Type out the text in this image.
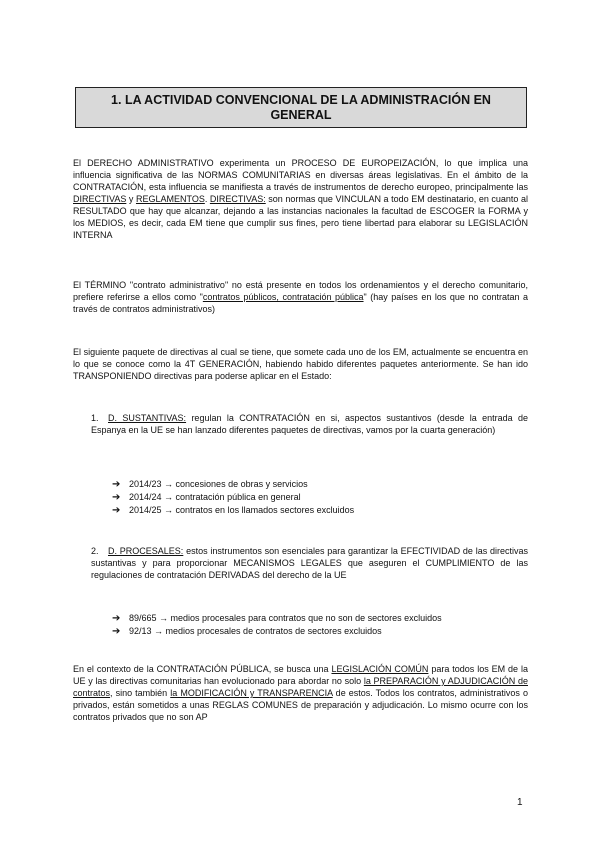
1. LA ACTIVIDAD CONVENCIONAL DE LA ADMINISTRACIÓN EN
GENERAL

El DERECHO ADMINISTRATIVO experimenta un PROCESO DE EUROPEIZACIÓN, lo que implica una influencia significativa de las NORMAS COMUNITARIAS en diversas áreas legislativas. En el ámbito de la CONTRATACIÓN, esta influencia se manifiesta a través de instrumentos de derecho europeo, principalmente las DIRECTIVAS y REGLAMENTOS. DIRECTIVAS: son normas que VINCULAN a todo EM destinatario, en cuanto al RESULTADO que hay que alcanzar, dejando a las instancias nacionales la facultad de ESCOGER la FORMA y los MEDIOS, es decir, cada EM tiene que cumplir sus fines, pero tiene libertad para elaborar su LEGISLACIÓN INTERNA

El TÉRMINO "contrato administrativo" no está presente en todos los ordenamientos y el derecho comunitario, prefiere referirse a ellos como "contratos públicos, contratación pública" (hay países en los que no contratan a través de contratos administrativos)

El siguiente paquete de directivas al cual se tiene, que somete cada uno de los EM, actualmente se encuentra en lo que se conoce como la 4T GENERACIÓN, habiendo habido diferentes paquetes anteriormente. Se han ido TRANSPONIENDO directivas para poderse aplicar en el Estado:

1. D. SUSTANTIVAS: regulan la CONTRATACIÓN en si, aspectos sustantivos (desde la entrada de Espanya en la UE se han lanzado diferentes paquetes de directivas, vamos por la cuarta generación)

➔ 2014/23 → concesiones de obras y servicios

➔ 2014/24 → contratación pública en general

➔ 2014/25 → contratos en los llamados sectores excluidos

2. D. PROCESALES: estos instrumentos son esenciales para garantizar la EFECTIVIDAD de las directivas sustantivas y para proporcionar MECANISMOS LEGALES que aseguren el CUMPLIMIENTO de las regulaciones de contratación DERIVADAS del derecho de la UE

➔ 89/665 → medios procesales para contratos que no son de sectores excluidos

➔ 92/13 → medios procesales de contratos de sectores excluidos

En el contexto de la CONTRATACIÓN PÚBLICA, se busca una LEGISLACIÓN COMÚN para todos los EM de la UE y las directivas comunitarias han evolucionado para abordar no solo la PREPARACIÓN y ADJUDICACIÓN de contratos, sino también la MODIFICACIÓN y TRANSPARENCIA de estos. Todos los contratos, administrativos o privados, están sometidos a unas REGLAS COMUNES de preparación y adjudicación. Lo mismo ocurre con los contratos privados que no son AP

1
